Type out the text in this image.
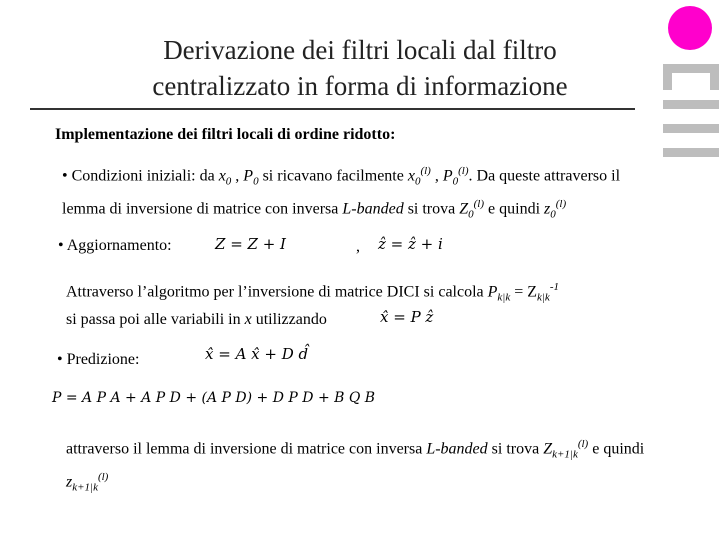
Derivazione dei filtri locali dal filtro
centralizzato in forma di informazione
Implementazione dei filtri locali di ordine ridotto:
• Condizioni iniziali: da $x_0$ , $P_0$ si ricavano facilmente $x_0^{(l)}$ , $P_0^{(l)}$. Da queste attraverso il lemma di inversione di matrice con inversa L-banded si trova $Z_0^{(l)}$ e quindi $z_0^{(l)}$
• Aggiornamento:	Z = Z + I	, ẑ = ẑ + i
Attraverso l’algoritmo per l’inversione di matrice DICI si calcola $P_{k|k} = Z_{k|k}^{-1}$
si passa poi alle variabili in x utilizzando	x̂ = P ẑ
• Predizione:	x̂ = A x̂ + D d̂
P = A P A + A P D + (A P D) + D P D + B Q B
attraverso il lemma di inversione di matrice con inversa L-banded si trova $Z_{k+1|k}^{(l)}$ e quindi $z_{k+1|k}^{(l)}$
